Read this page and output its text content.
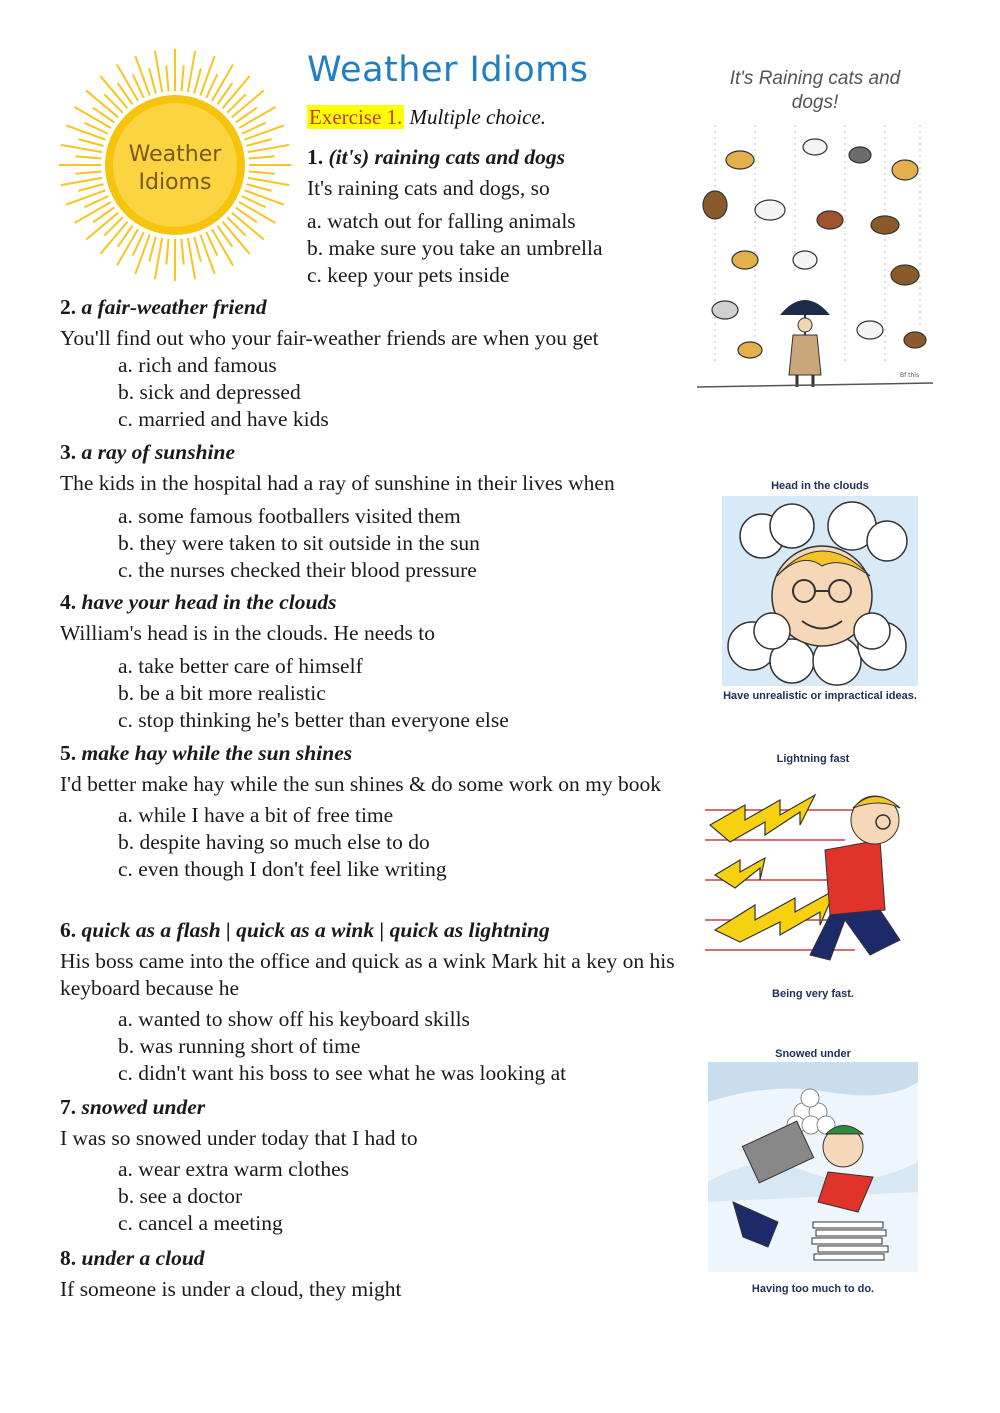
Weather
Idioms
Weather Idioms
Exercise 1. Multiple choice.
1. (it's) raining cats and dogs
It's raining cats and dogs, so
a. watch out for falling animals
b. make sure you take an umbrella
c. keep your pets inside
2. a fair-weather friend
You'll find out who your fair-weather friends are when you get
a. rich and famous
b. sick and depressed
c. married and have kids
3. a ray of sunshine
The kids in the hospital had a ray of sunshine in their lives when
a. some famous footballers visited them
b. they were taken to sit outside in the sun
c. the nurses checked their blood pressure
4. have your head in the clouds
William's head is in the clouds. He needs to
a. take better care of himself
b. be a bit more realistic
c. stop thinking he's better than everyone else
5. make hay while the sun shines
I'd better make hay while the sun shines & do some work on my book
a. while I have a bit of free time
b. despite having so much else to do
c. even though I don't feel like writing
6. quick as a flash | quick as a wink | quick as lightning
His boss came into the office and quick as a wink Mark hit a key on his keyboard because he
a. wanted to show off his keyboard skills
b. was running short of time
c. didn't want his boss to see what he was looking at
7. snowed under
I was so snowed under today that I had to
a. wear extra warm clothes
b. see a doctor
c. cancel a meeting
8. under a cloud
If someone is under a cloud, they might
It's Raining cats and dogs!
Bf this
Head in the clouds
Have unrealistic or impractical ideas.
Lightning fast
Being very fast.
Snowed under
Having too much to do.
